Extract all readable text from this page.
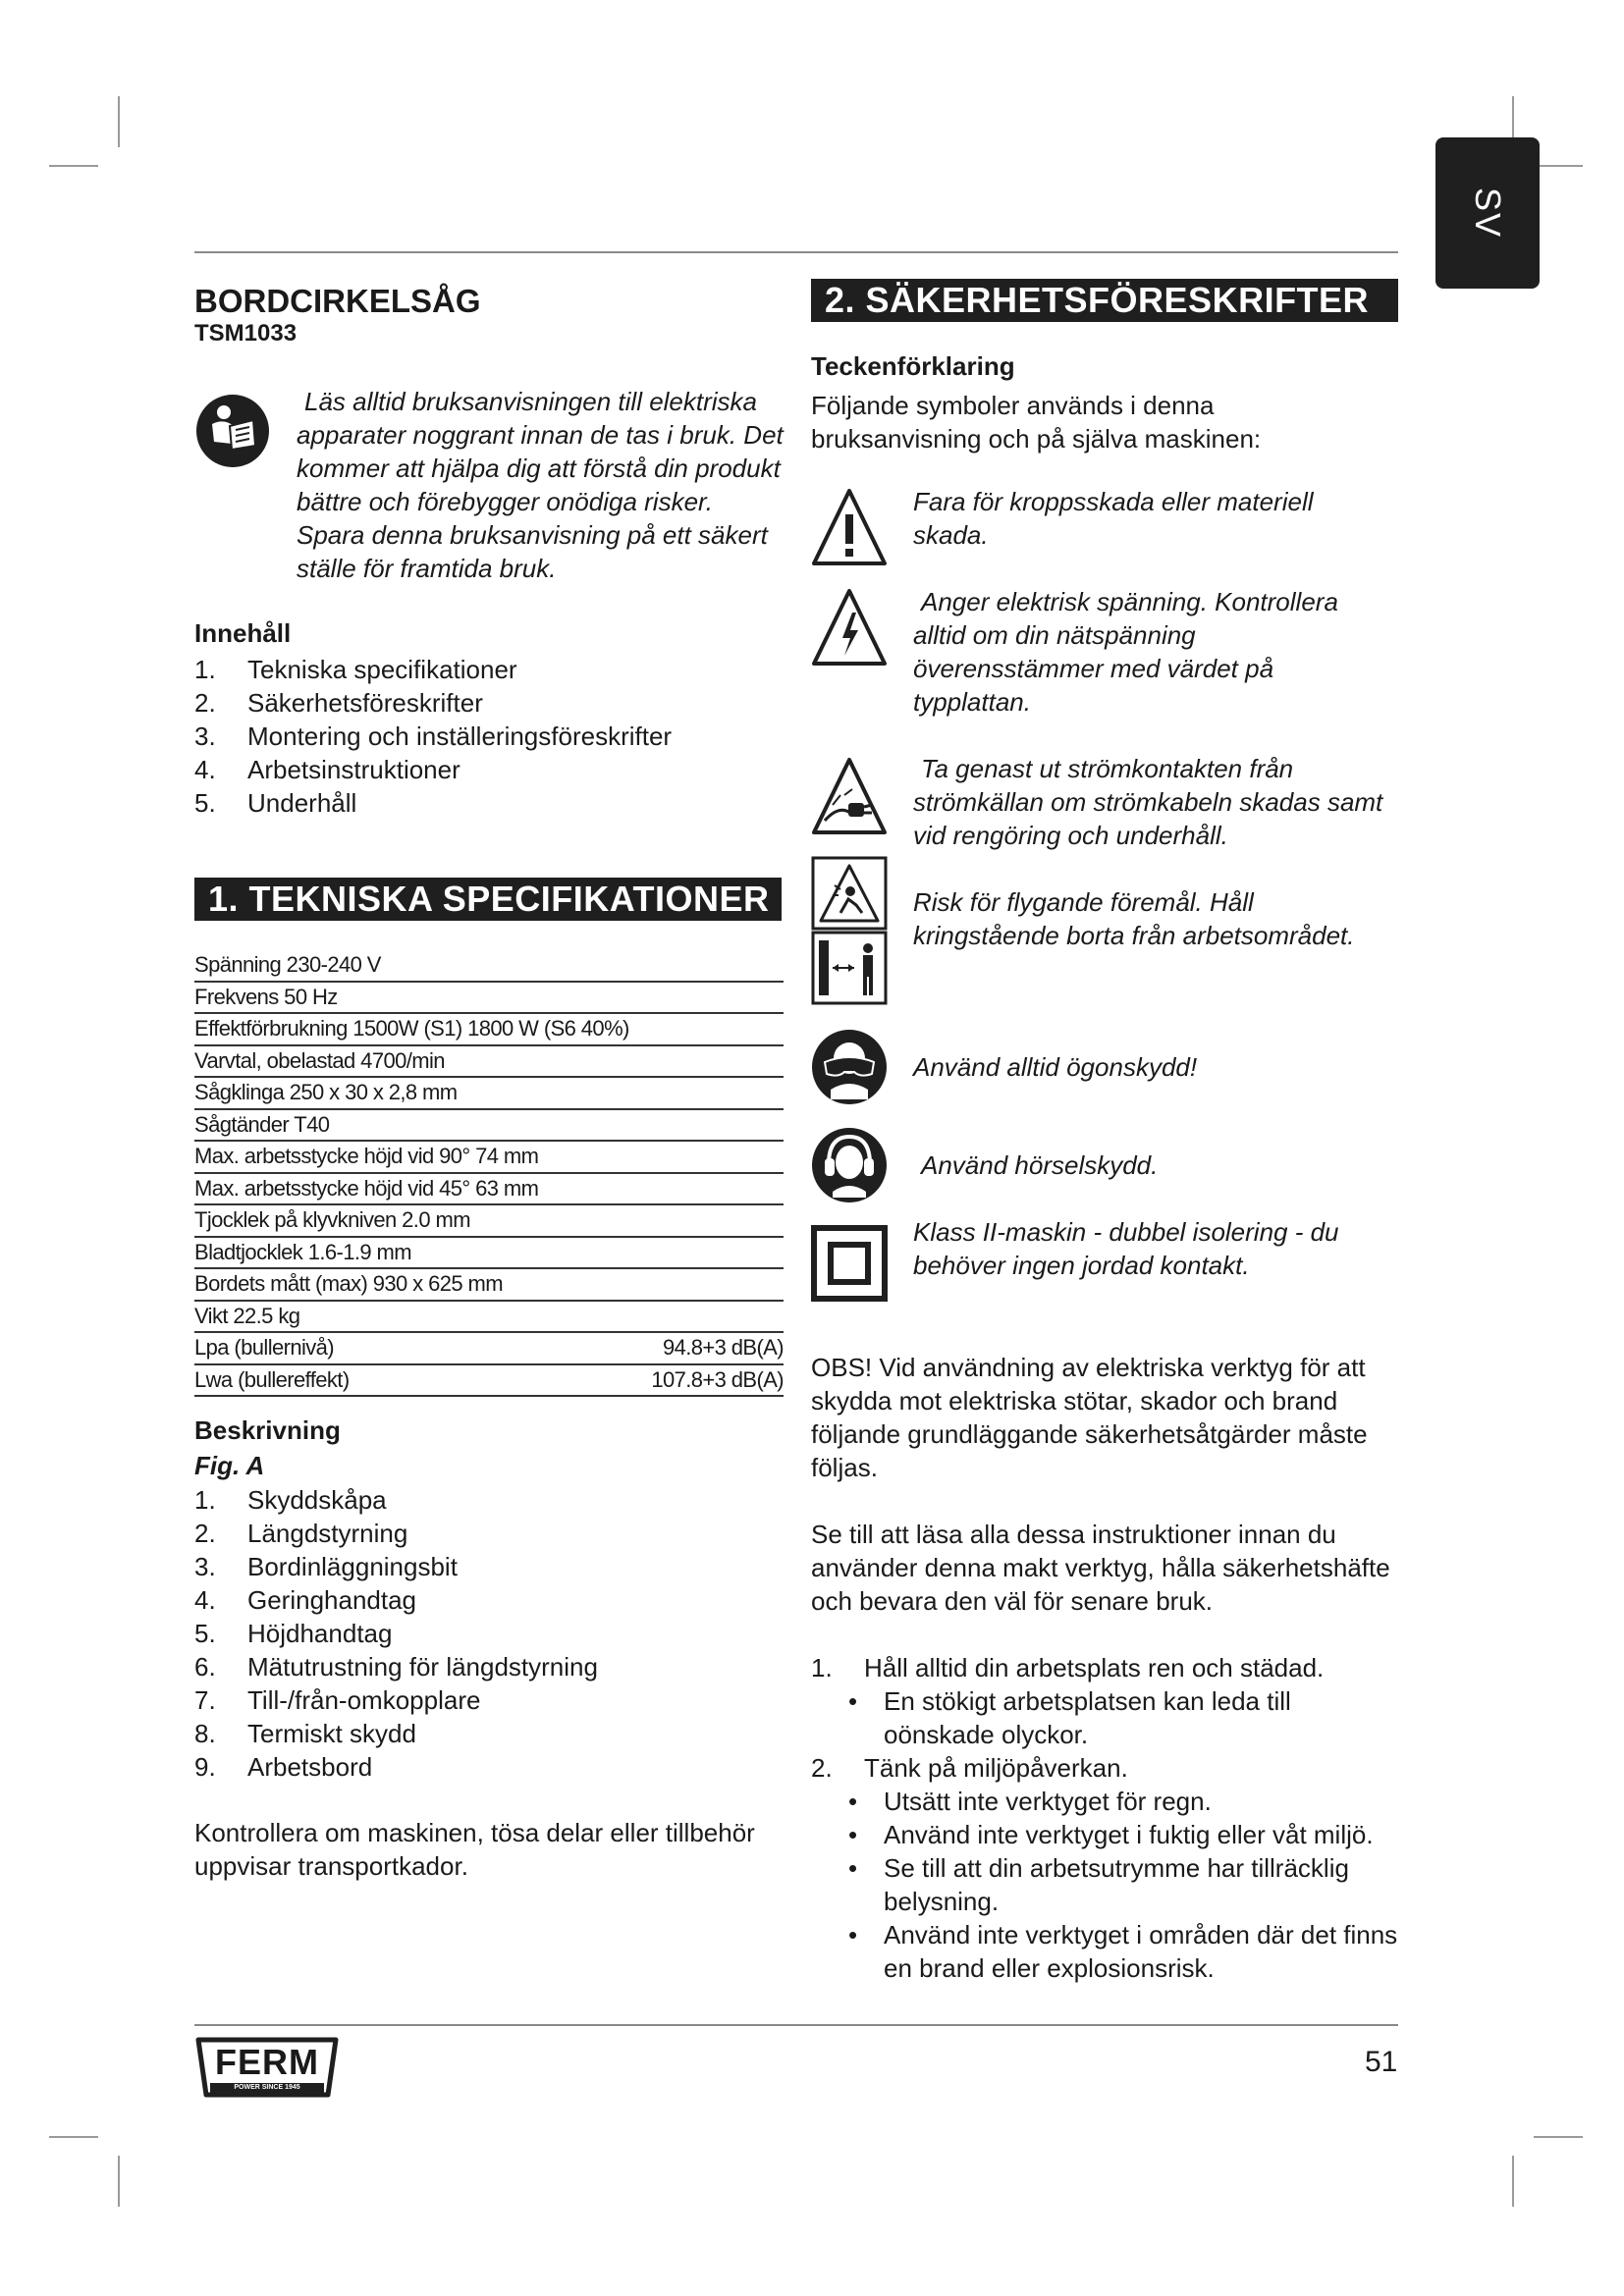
SV
BORDCIRKELSÅG
TSM1033
Läs alltid bruksanvisningen till elektriska apparater noggrant innan de tas i bruk. Det kommer att hjälpa dig att förstå din produkt bättre och förebygger onödiga risker. Spara denna bruksanvisning på ett säkert ställe för framtida bruk.
Innehåll
1.	Tekniska specifikationer
2.	Säkerhetsföreskrifter
3.	Montering och inställeringsföreskrifter
4.	Arbetsinstruktioner
5.	Underhåll
1. TEKNISKA SPECIFIKATIONER
Spänning 230-240 V
Frekvens 50 Hz
Effektförbrukning 1500W (S1) 1800 W (S6 40%)
Varvtal, obelastad 4700/min
Sågklinga 250 x 30 x 2,8 mm
Sågtänder T40
Max. arbetsstycke höjd vid 90° 74 mm
Max. arbetsstycke höjd vid 45° 63 mm
Tjocklek på klyvkniven 2.0 mm
Bladtjocklek 1.6-1.9 mm
Bordets mått (max) 930 x 625 mm
Vikt 22.5 kg
Lpa (bullernivå)	94.8+3 dB(A)
Lwa (bullereffekt)	107.8+3 dB(A)
Beskrivning
Fig. A
1.	Skyddskåpa
2.	Längdstyrning
3.	Bordinläggningsbit
4.	Geringhandtag
5.	Höjdhandtag
6.	Mätutrustning för längdstyrning
7.	Till-/från-omkopplare
8.	Termiskt skydd
9.	Arbetsbord
Kontrollera om maskinen, tösa delar eller tillbehör uppvisar transportkador.
2. SÄKERHETSFÖRESKRIFTER
Teckenförklaring
Följande symboler används i denna bruksanvisning och på själva maskinen:
Fara för kroppsskada eller materiell skada.
Anger elektrisk spänning. Kontrollera alltid om din nätspänning överensstämmer med värdet på typplattan.
Ta genast ut strömkontakten från strömkällan om strömkabeln skadas samt vid rengöring och underhåll.
Risk för flygande föremål. Håll kringstående borta från arbetsområdet.
Använd alltid ögonskydd!
Använd hörselskydd.
Klass II-maskin - dubbel isolering - du behöver ingen jordad kontakt.
OBS! Vid användning av elektriska verktyg för att skydda mot elektriska stötar, skador och brand följande grundläggande säkerhetsåtgärder måste följas.
Se till att läsa alla dessa instruktioner innan du använder denna makt verktyg, hålla säkerhetshäfte och bevara den väl för senare bruk.
1.	Håll alltid din arbetsplats ren och städad.
•	En stökigt arbetsplatsen kan leda till oönskade olyckor.
2.	Tänk på miljöpåverkan.
•	Utsätt inte verktyget för regn.
•	Använd inte verktyget i fuktig eller våt miljö.
•	Se till att din arbetsutrymme har tillräcklig belysning.
•	Använd inte verktyget i områden där det finns en brand eller explosionsrisk.
FERM
POWER SINCE 1945
51
